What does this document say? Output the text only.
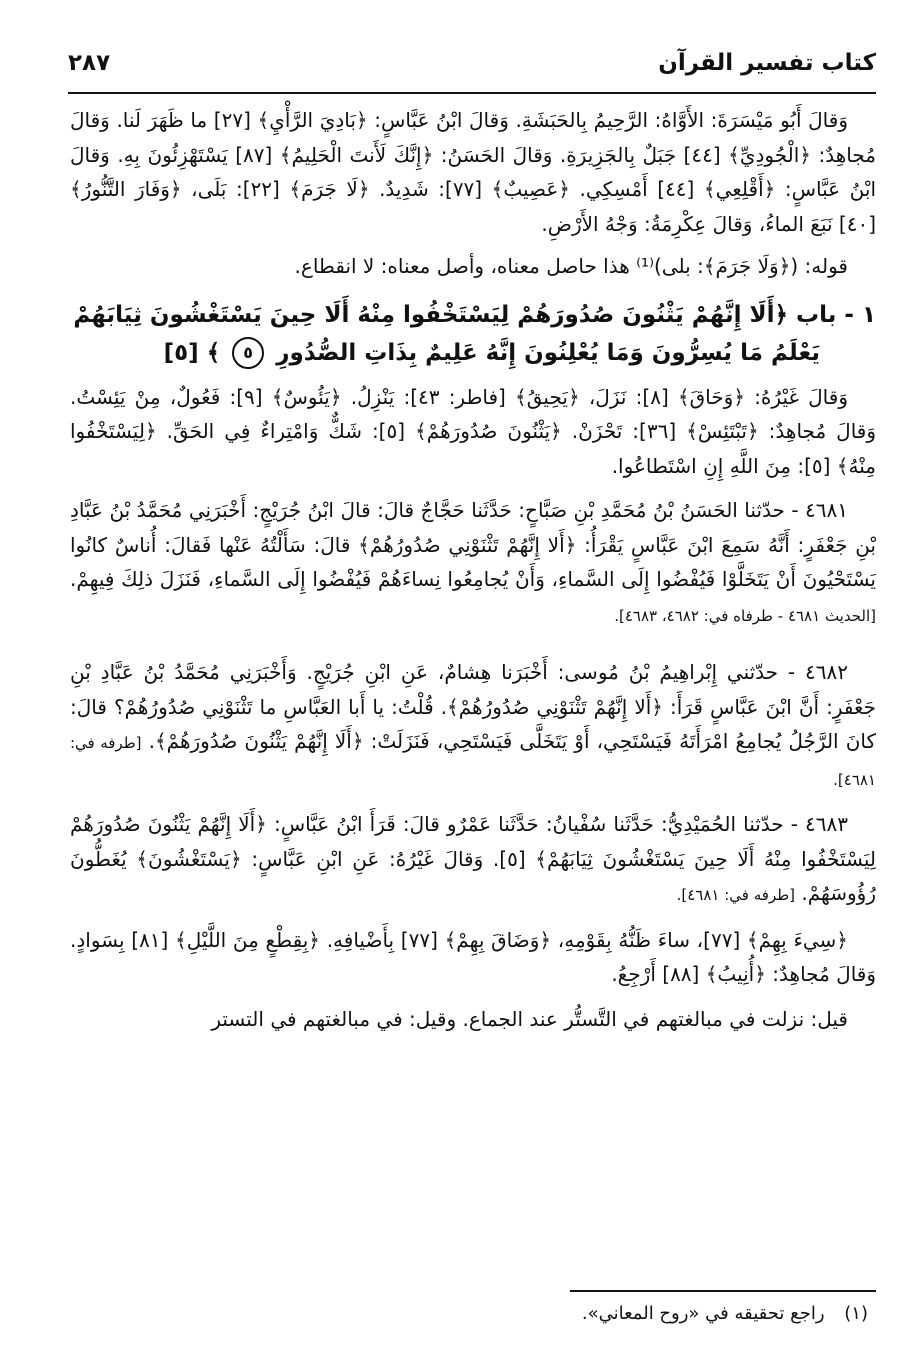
كتاب تفسير القرآن
٢٨٧

وَقالَ أَبُو مَيْسَرَةَ: الأَوَّاهُ: الرَّحِيمُ بِالحَبَشَةِ. وَقالَ ابْنُ عَبَّاسٍ: ﴿بَادِيَ الرَّأْيِ﴾ [٢٧] ما ظَهَرَ لَنا. وَقالَ مُجاهِدٌ: ﴿الْجُودِيِّ﴾ [٤٤] جَبَلٌ بِالجَزِيرَةِ. وَقالَ الحَسَنُ: ﴿إِنَّكَ لَأَنتَ الْحَلِيمُ﴾ [٨٧] يَسْتَهْزِئُونَ بِهِ. وَقالَ ابْنُ عَبَّاسٍ: ﴿أَقْلِعِي﴾ [٤٤] أَمْسِكِي. ﴿عَصِيبٌ﴾ [٧٧]: شَدِيدٌ. ﴿لَا جَرَمَ﴾ [٢٢]: بَلَى، ﴿وَفَارَ التَّنُّورُ﴾ [٤٠] نَبَعَ الماءُ، وَقالَ عِكْرِمَةُ: وَجْهُ الأَرْضِ.

قوله: (﴿وَلَا جَرَمَ﴾: بلى)⁽¹⁾ هذا حاصل معناه، وأصل معناه: لا انقطاع.

١ - باب ﴿أَلَا إِنَّهُمْ يَثْنُونَ صُدُورَهُمْ لِيَسْتَخْفُوا مِنْهُ أَلَا حِينَ يَسْتَغْشُونَ ثِيَابَهُمْ

يَعْلَمُ مَا يُسِرُّونَ وَمَا يُعْلِنُونَ إِنَّهُ عَلِيمٌ بِذَاتِ الصُّدُورِ ٥ ﴾ [٥]

وَقالَ غَيْرُهُ: ﴿وَحَاقَ﴾ [٨]: نَزَلَ، ﴿يَحِيقُ﴾ [فاطر: ٤٣]: يَنْزِلُ. ﴿يَئُوسٌ﴾ [٩]: فَعُولٌ، مِنْ يَئِسْتُ. وَقالَ مُجاهِدٌ: ﴿تَبْتَئِسْ﴾ [٣٦]: تَحْزَنْ. ﴿يَثْنُونَ صُدُورَهُمْ﴾ [٥]: شَكٌّ وَامْتِراءٌ فِي الحَقِّ. ﴿لِيَسْتَخْفُوا مِنْهُ﴾ [٥]: مِنَ اللَّهِ إِنِ اسْتَطاعُوا.

٤٦٨١ - حدّثنا الحَسَنُ بْنُ مُحَمَّدِ بْنِ صَبَّاحٍ: حَدَّثَنا حَجَّاجٌ قالَ: قالَ ابْنُ جُرَيْجٍ: أَخْبَرَنِي مُحَمَّدُ بْنُ عَبَّادِ بْنِ جَعْفَرٍ: أَنَّهُ سَمِعَ ابْنَ عَبَّاسٍ يَقْرَأُ: ﴿أَلا إِنَّهُمْ تَثْنَوْنِي صُدُورُهُمْ﴾ قالَ: سَأَلْتُهُ عَنْها فَقالَ: أُناسٌ كانُوا يَسْتَحْيُونَ أَنْ يَتَخَلَّوْا فَيُفْضُوا إِلَى السَّماءِ، وَأَنْ يُجامِعُوا نِساءَهُمْ فَيُفْضُوا إِلَى السَّماءِ، فَنَزَلَ ذلِكَ فِيهِمْ. [الحديث ٤٦٨١ - طرفاه في: ٤٦٨٢، ٤٦٨٣].

٤٦٨٢ - حدّثني إِبْراهِيمُ بْنُ مُوسى: أَخْبَرَنا هِشامٌ، عَنِ ابْنِ جُرَيْجٍ. وَأَخْبَرَنِي مُحَمَّدُ بْنُ عَبَّادِ بْنِ جَعْفَرٍ: أَنَّ ابْنَ عَبَّاسٍ قَرَأَ: ﴿أَلا إِنَّهُمْ تَثْنَوْنِي صُدُورُهُمْ﴾. قُلْتُ: يا أَبا العَبَّاسِ ما تَثْنَوْنِي صُدُورُهُمْ؟ قالَ: كانَ الرَّجُلُ يُجامِعُ امْرَأَتَهُ فَيَسْتَحِي، أَوْ يَتَخَلَّى فَيَسْتَحِي، فَنَزَلَتْ: ﴿أَلَا إِنَّهُمْ يَثْنُونَ صُدُورَهُمْ﴾. [طرفه في: ٤٦٨١].

٤٦٨٣ - حدّثنا الحُمَيْدِيُّ: حَدَّثَنا سُفْيانُ: حَدَّثَنا عَمْرٌو قالَ: قَرَأَ ابْنُ عَبَّاسٍ: ﴿أَلَا إِنَّهُمْ يَثْنُونَ صُدُورَهُمْ لِيَسْتَخْفُوا مِنْهُ أَلَا حِينَ يَسْتَغْشُونَ ثِيَابَهُمْ﴾ [٥]. وَقالَ غَيْرُهُ: عَنِ ابْنِ عَبَّاسٍ: ﴿يَسْتَغْشُونَ﴾ يُغَطُّونَ رُؤُوسَهُمْ. [طرفه في: ٤٦٨١].

﴿سِيءَ بِهِمْ﴾ [٧٧]، ساءَ ظَنُّهُ بِقَوْمِهِ، ﴿وَضَاقَ بِهِمْ﴾ [٧٧] بِأَضْيافِهِ. ﴿بِقِطْعٍ مِنَ اللَّيْلِ﴾ [٨١] بِسَوادٍ. وَقالَ مُجاهِدٌ: ﴿أُنِيبُ﴾ [٨٨] أَرْجِعُ.

قيل: نزلت في مبالغتهم في التَّستُّر عند الجماع. وقيل: في مبالغتهم في التستر

(١) راجع تحقيقه في «روح المعاني».
